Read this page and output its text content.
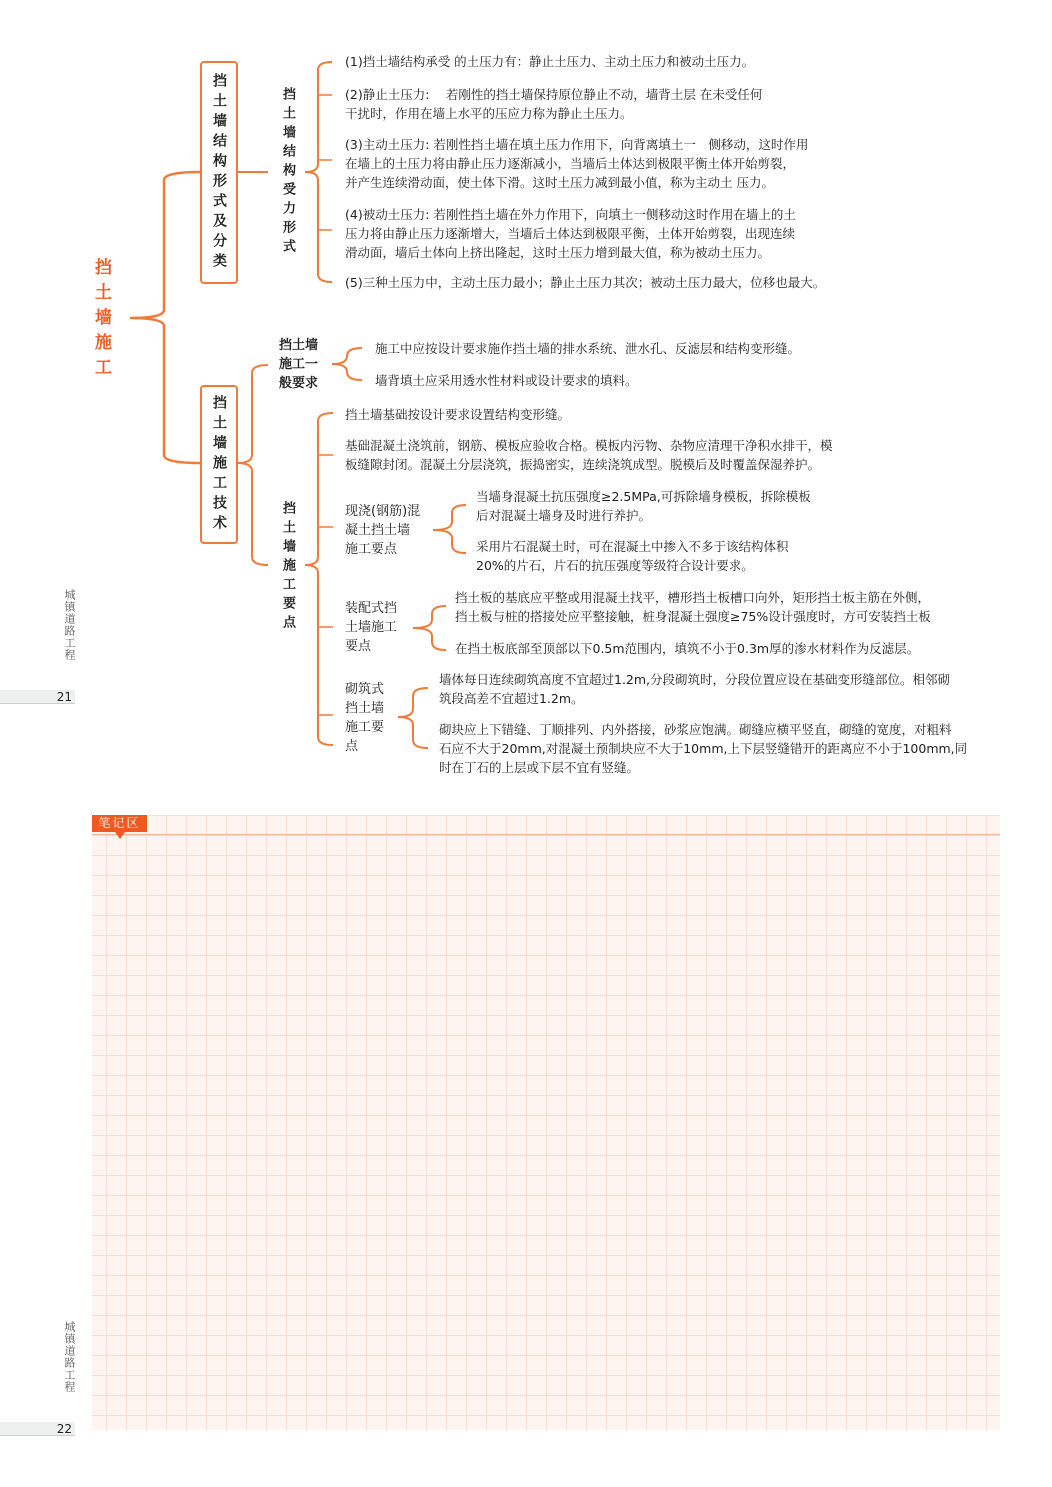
挡土墙施工
挡土墙结构形式及分类
挡土墙施工技术
挡土墙结构受力形式
挡土墙
施工一
般要求
施工中应按设计要求施作挡土墙的排水系统、泄水孔、反滤层和结构变形缝。
墙背填土应采用透水性材料或设计要求的填料。
挡土墙施工要点
(1)挡土墙结构承受 的土压力有：静止土压力、主动土压力和被动土压力。
(2)静止土压力:　 若刚性的挡土墙保持原位静止不动，墙背土层 在未受任何
干扰时，作用在墙上水平的压应力称为静止土压力。
(3)主动土压力: 若刚性挡土墙在填土压力作用下，向背离填土一　侧移动，这时作用
在墙上的土压力将由静止压力逐渐减小，当墙后土体达到极限平衡土体开始剪裂，
并产生连续滑动面，使土体下滑。这时土压力减到最小值，称为主动土 压力。
(4)被动土压力: 若刚性挡土墙在外力作用下，向填土一侧移动这时作用在墙上的土
压力将由静止压力逐渐增大，当墙后土体达到极限平衡，土体开始剪裂，出现连续
滑动面，墙后土体向上挤出隆起，这时土压力增到最大值，称为被动土压力。
(5)三种土压力中，主动土压力最小；静止土压力其次；被动土压力最大，位移也最大。
挡土墙基础按设计要求设置结构变形缝。
基础混凝土浇筑前，钢筋、模板应验收合格。模板内污物、杂物应清理干净积水排干，模
板缝隙封闭。混凝土分层浇筑，振捣密实，连续浇筑成型。脱模后及时覆盖保湿养护。
现浇(钢筋)混
凝土挡土墙
施工要点
当墙身混凝土抗压强度≥2.5MPa,可拆除墙身模板，拆除模板
后对混凝土墙身及时进行养护。
采用片石混凝土时，可在混凝土中掺入不多于该结构体积
20%的片石，片石的抗压强度等级符合设计要求。
装配式挡
土墙施工
要点
挡土板的基底应平整或用混凝土找平，槽形挡土板槽口向外，矩形挡土板主筋在外侧，
挡土板与桩的搭接处应平整接触，桩身混凝土强度≥75%设计强度时，方可安装挡土板
在挡土板底部至顶部以下0.5m范围内，填筑不小于0.3m厚的渗水材料作为反滤层。
砌筑式
挡土墙
施工要
点
墙体每日连续砌筑高度不宜超过1.2m,分段砌筑时，分段位置应设在基础变形缝部位。相邻砌
筑段高差不宜超过1.2m。
砌块应上下错缝、丁顺排列、内外搭接，砂浆应饱满。砌缝应横平竖直，砌缝的宽度，对粗料
石应不大于20mm,对混凝土预制块应不大于10mm,上下层竖缝错开的距离应不小于100mm,同
时在丁石的上层或下层不宜有竖缝。
笔记区
城镇道路工程
21
城镇道路工程
22
